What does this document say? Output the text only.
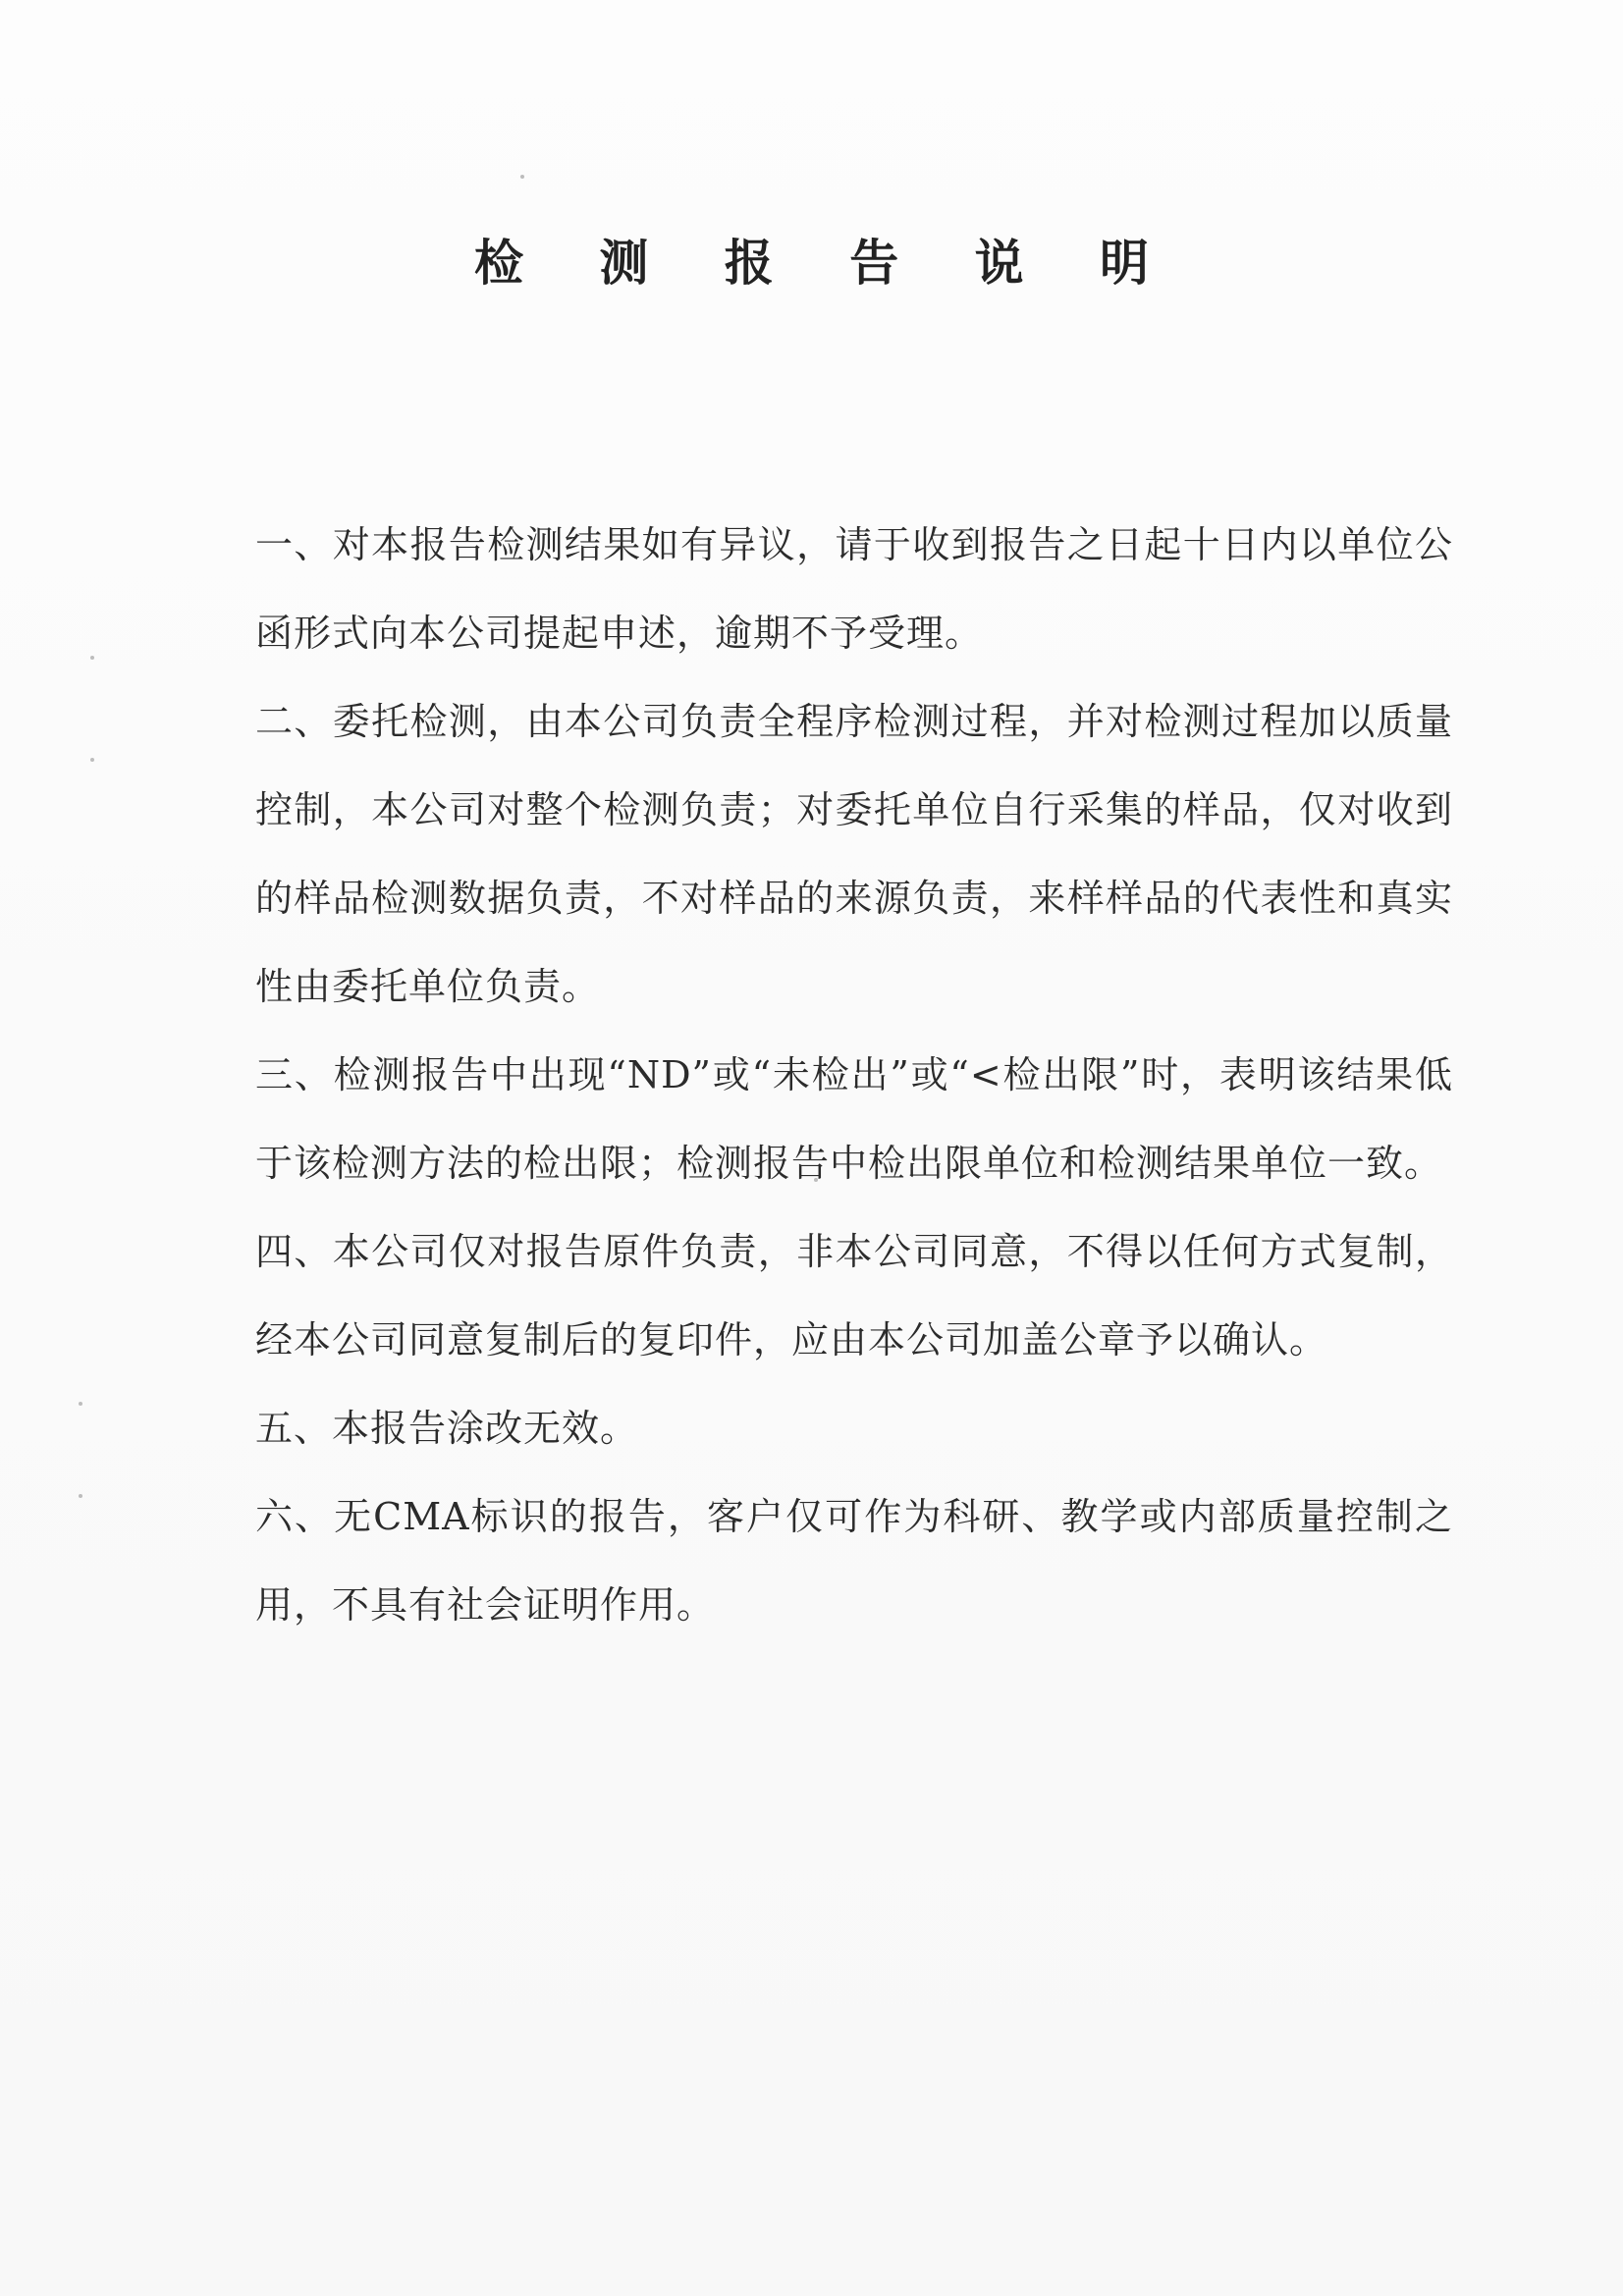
检 测 报 告 说 明

一、对本报告检测结果如有异议，请于收到报告之日起十日内以单位公函形式向本公司提起申述，逾期不予受理。

二、委托检测，由本公司负责全程序检测过程，并对检测过程加以质量控制，本公司对整个检测负责；对委托单位自行采集的样品，仅对收到的样品检测数据负责，不对样品的来源负责，来样样品的代表性和真实性由委托单位负责。

三、检测报告中出现“ND”或“未检出”或“<检出限”时，表明该结果低于该检测方法的检出限；检测报告中检出限单位和检测结果单位一致。

四、本公司仅对报告原件负责，非本公司同意，不得以任何方式复制，经本公司同意复制后的复印件，应由本公司加盖公章予以确认。

五、本报告涂改无效。

六、无CMA标识的报告，客户仅可作为科研、教学或内部质量控制之用，不具有社会证明作用。
